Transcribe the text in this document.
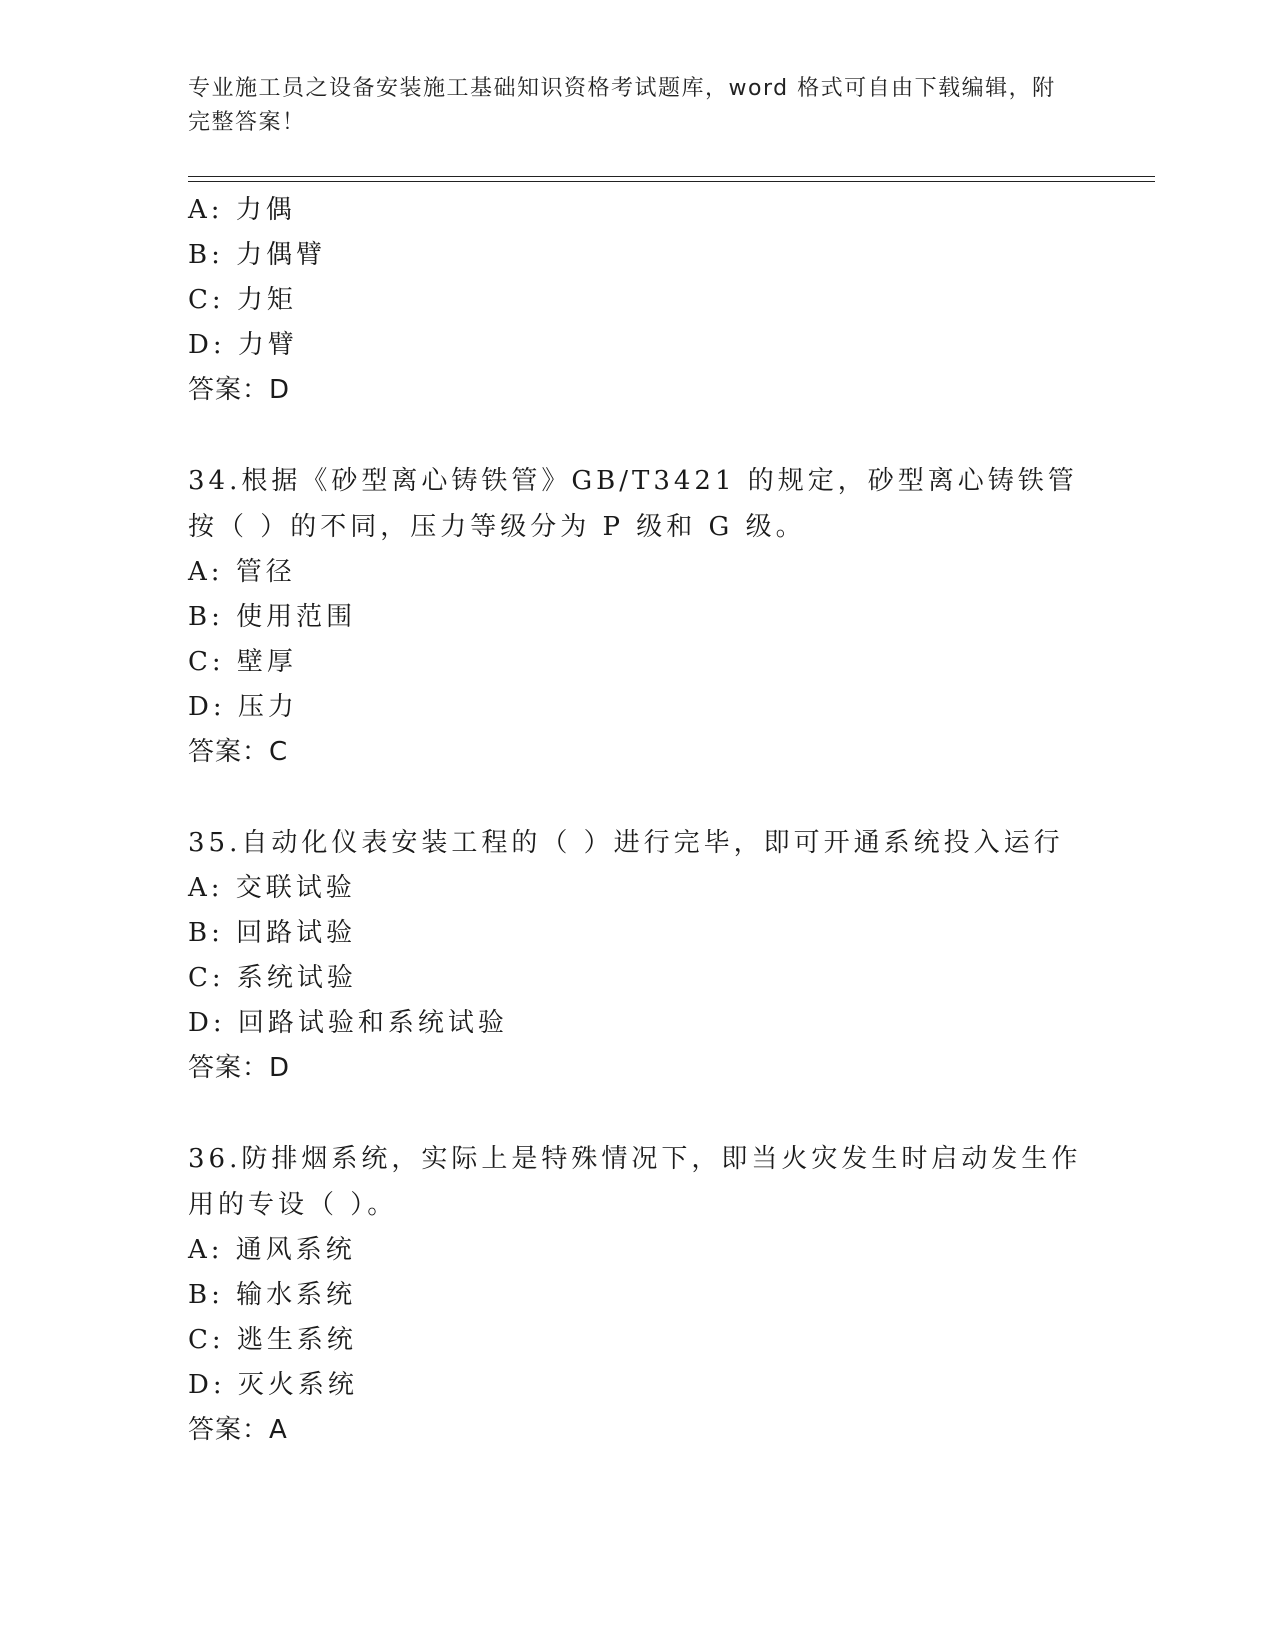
专业施工员之设备安装施工基础知识资格考试题库，word 格式可自由下载编辑，附完整答案！
A: 力偶
B: 力偶臂
C: 力矩
D: 力臂
答案：D
34.根据《砂型离心铸铁管》GB/T3421 的规定，砂型离心铸铁管按（ ）的不同，压力等级分为 P 级和 G 级。
A: 管径
B: 使用范围
C: 壁厚
D: 压力
答案：C
35.自动化仪表安装工程的（ ）进行完毕，即可开通系统投入运行
A: 交联试验
B: 回路试验
C: 系统试验
D: 回路试验和系统试验
答案：D
36.防排烟系统，实际上是特殊情况下，即当火灾发生时启动发生作用的专设（ ）。
A: 通风系统
B: 输水系统
C: 逃生系统
D: 灭火系统
答案：A
